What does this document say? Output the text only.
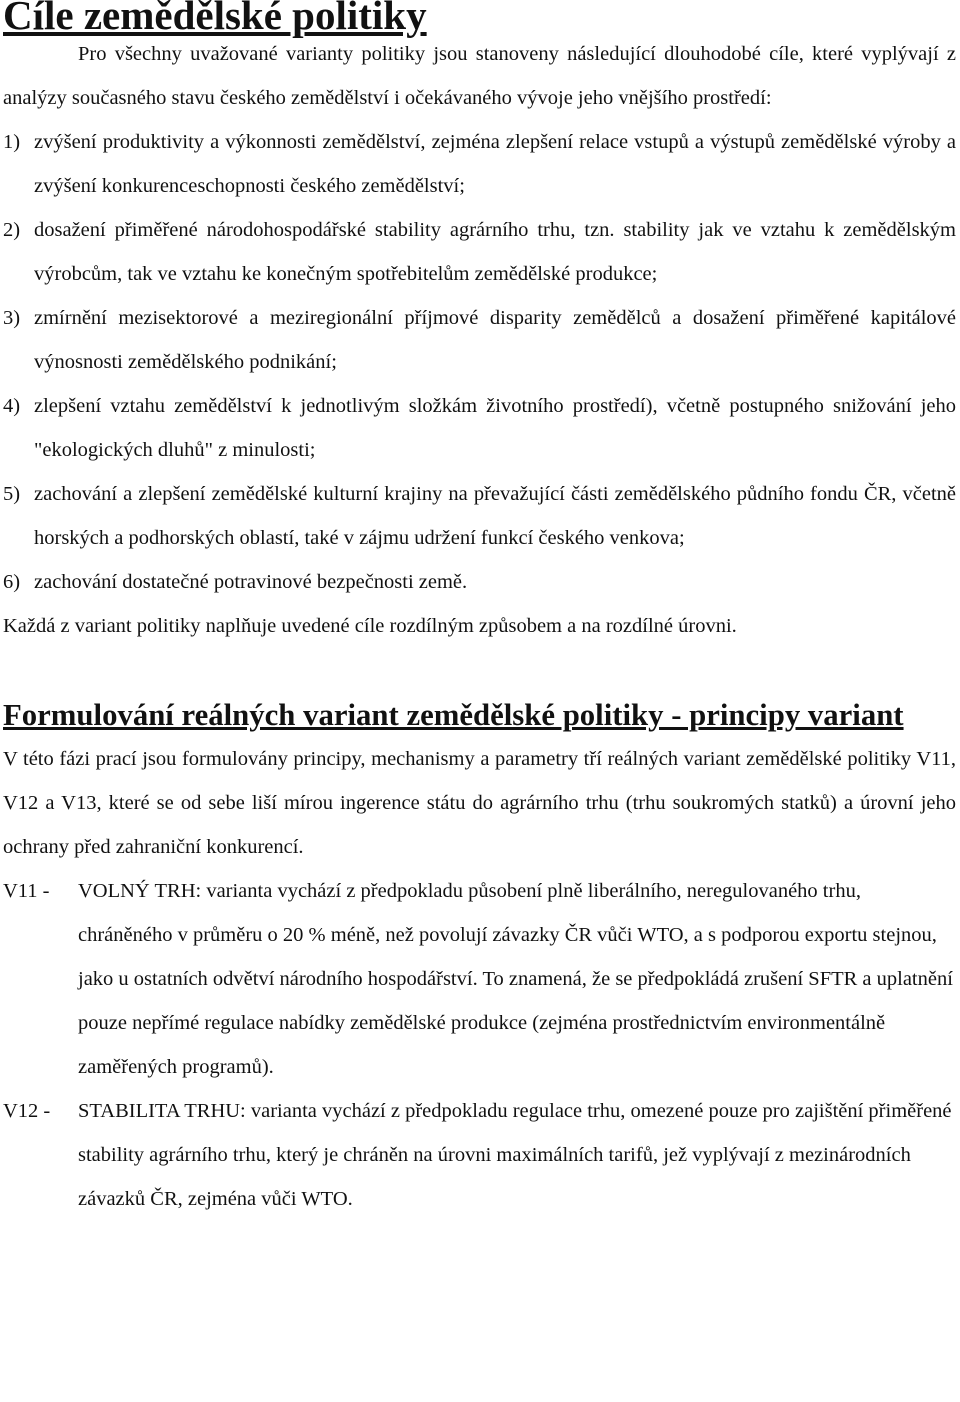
Cíle zemědělské politiky

Pro všechny uvažované varianty politiky jsou stanoveny následující dlouhodobé cíle, které vyplývají z analýzy současného stavu českého zemědělství i očekávaného vývoje jeho vnějšího prostředí:

1) zvýšení produktivity a výkonnosti zemědělství, zejména zlepšení relace vstupů a výstupů zemědělské výroby a zvýšení konkurenceschopnosti českého zemědělství;
2) dosažení přiměřené národohospodářské stability agrárního trhu, tzn. stability jak ve vztahu k zemědělským výrobcům, tak ve vztahu ke konečným spotřebitelům zemědělské produkce;
3) zmírnění mezisektorové a meziregionální příjmové disparity zemědělců a dosažení přiměřené kapitálové výnosnosti zemědělského podnikání;
4) zlepšení vztahu zemědělství k jednotlivým složkám životního prostředí), včetně postupného snižování jeho "ekologických dluhů" z minulosti;
5) zachování a zlepšení zemědělské kulturní krajiny na převažující části zemědělského půdního fondu ČR, včetně horských a podhorských oblastí, také v zájmu udržení funkcí českého venkova;
6) zachování dostatečné potravinové bezpečnosti země.

Každá z variant politiky naplňuje uvedené cíle rozdílným způsobem a na rozdílné úrovni.

Formulování reálných variant zemědělské politiky - principy variant

V této fázi prací jsou formulovány principy, mechanismy a parametry tří reálných variant zemědělské politiky V11, V12 a V13, které se od sebe liší mírou ingerence státu do agrárního trhu (trhu soukromých statků) a úrovní jeho ochrany před zahraniční konkurencí.

V11 -	VOLNÝ TRH: varianta vychází z předpokladu působení plně liberálního, neregulovaného trhu, chráněného v průměru o 20 % méně, než povolují závazky ČR vůči WTO, a s podporou exportu stejnou, jako u ostatních odvětví národního hospodářství. To znamená, že se předpokládá zrušení SFTR a uplatnění pouze nepřímé regulace nabídky zemědělské produkce (zejména prostřednictvím environmentálně zaměřených programů).
V12 -	STABILITA TRHU: varianta vychází z předpokladu regulace trhu, omezené pouze pro zajištění přiměřené stability agrárního trhu, který je chráněn na úrovni maximálních tarifů, jež vyplývají z mezinárodních závazků ČR, zejména vůči WTO.
